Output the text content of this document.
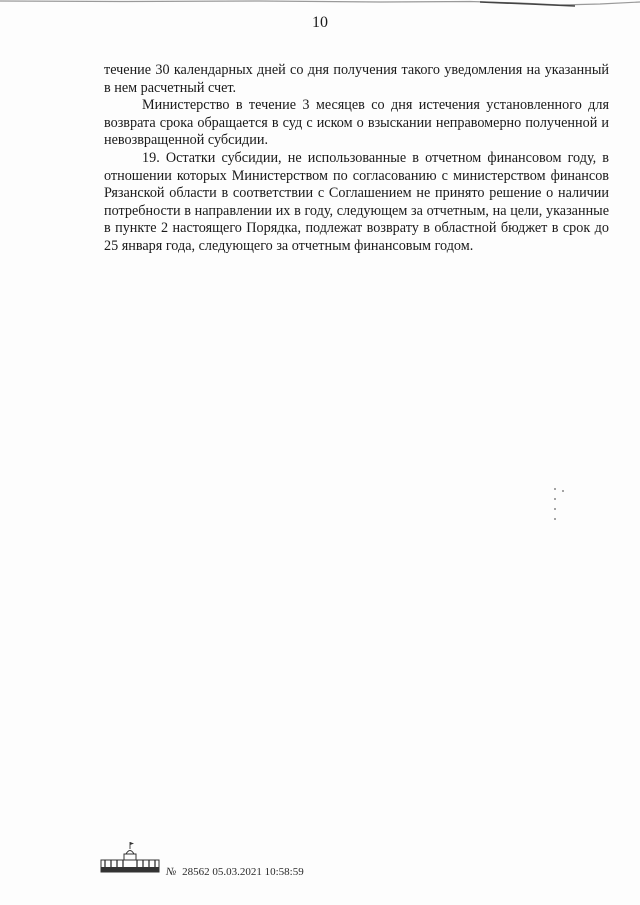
10

течение 30 календарных дней со дня получения такого уведомления на указанный в нем расчетный счет.

Министерство в течение 3 месяцев со дня истечения установленного для возврата срока обращается в суд с иском о взыскании неправомерно полученной и невозвращенной субсидии.

19. Остатки субсидии, не использованные в отчетном финансовом году, в отношении которых Министерством по согласованию с министерством финансов Рязанской области в соответствии с Соглашением не принято решение о наличии потребности в направлении их в году, следующем за отчетным, на цели, указанные в пункте 2 настоящего Порядка, подлежат возврату в областной бюджет в срок до 25 января года, следующего за отчетным финансовым годом.

№ 28562 05.03.2021 10:58:59
